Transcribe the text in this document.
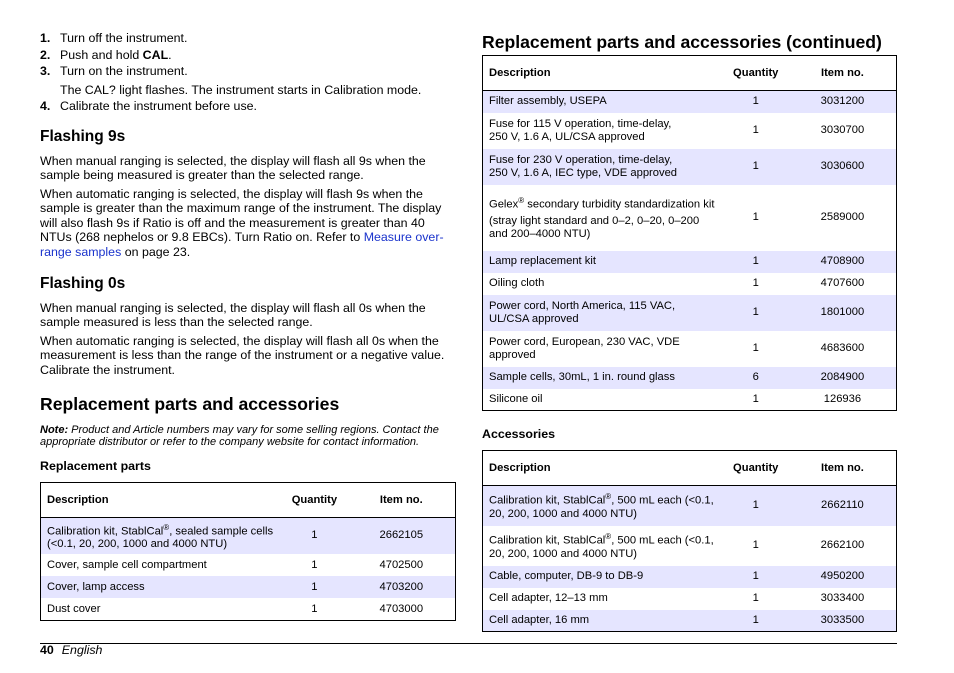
1. Turn off the instrument.
2. Push and hold CAL.
3. Turn on the instrument.
The CAL? light flashes. The instrument starts in Calibration mode.
4. Calibrate the instrument before use.
Flashing 9s

When manual ranging is selected, the display will flash all 9s when the sample being measured is greater than the selected range.

When automatic ranging is selected, the display will flash 9s when the sample is greater than the maximum range of the instrument. The display will also flash 9s if Ratio is off and the measurement is greater than 40 NTUs (268 nephelos or 9.8 EBCs). Turn Ratio on. Refer to Measure over-range samples on page 23.

Flashing 0s

When manual ranging is selected, the display will flash all 0s when the sample measured is less than the selected range.

When automatic ranging is selected, the display will flash all 0s when the measurement is less than the range of the instrument or a negative value. Calibrate the instrument.

Replacement parts and accessories

Note: Product and Article numbers may vary for some selling regions. Contact the appropriate distributor or refer to the company website for contact information.

Replacement parts
Description	Quantity	Item no.
Calibration kit, StablCal®, sealed sample cells (<0.1, 20, 200, 1000 and 4000 NTU)	1	2662105
Cover, sample cell compartment	1	4702500
Cover, lamp access	1	4703200
Dust cover	1	4703000
Replacement parts and accessories (continued)
Description	Quantity	Item no.

Filter assembly, USEPA	1	3031200

Fuse for 115 V operation, time-delay,
250 V, 1.6 A, UL/CSA approved	1	3030700

Fuse for 230 V operation, time-delay,
250 V, 1.6 A, IEC type, VDE approved	1	3030600

Gelex® secondary turbidity standardization kit
(stray light standard and 0–2, 0–20, 0–200 and 200–4000 NTU)	1	2589000

Lamp replacement kit	1	4708900

Oiling cloth	1	4707600

Power cord, North America, 115 VAC,
UL/CSA approved	1	1801000

Power cord, European, 230 VAC, VDE
approved	1	4683600

Sample cells, 30mL, 1 in. round glass	6	2084900

Silicone oil	1	126936
Accessories
Description	Quantity	Item no.
Calibration kit, StablCal®, 500 mL each (<0.1, 20, 200, 1000 and 4000 NTU)	1	2662110
Calibration kit, StablCal®, 500 mL each (<0.1, 20, 200, 1000 and 4000 NTU)	1	2662100
Cable, computer, DB-9 to DB-9	1	4950200
Cell adapter, 12–13 mm	1	3033400
Cell adapter, 16 mm	1	3033500
40 English
